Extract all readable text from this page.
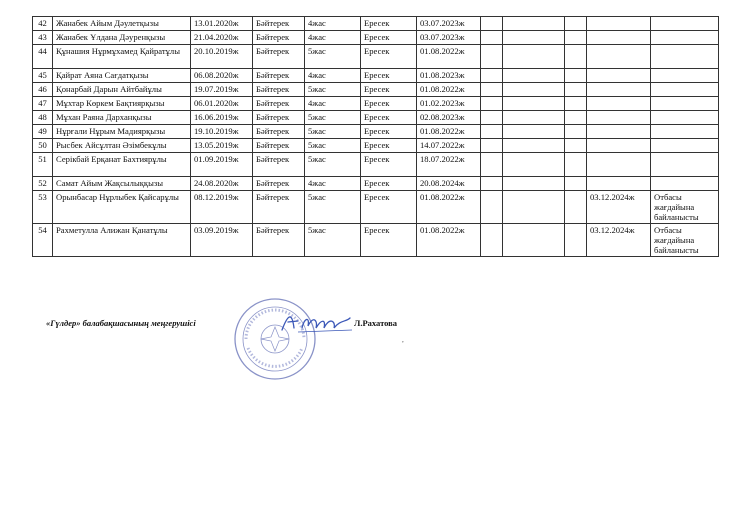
42	Жанабек Айым Дәулетқызы	13.01.2020ж	Бәйтерек	4жас	Ересек	03.07.2023ж					
43	Жанабек Ұлдана Дәуренқызы	21.04.2020ж	Бәйтерек	4жас	Ересек	03.07.2023ж					
44	Құнашия Нұрмұхамед Қайратұлы	20.10.2019ж	Бәйтерек	5жас	Ересек	01.08.2022ж					
45	Қайрат Аяна Сағдатқызы	06.08.2020ж	Бәйтерек	4жас	Ересек	01.08.2023ж					
46	Қонарбай Дарын Айтбайұлы	19.07.2019ж	Бәйтерек	5жас	Ересек	01.08.2022ж					
47	Мұхтар Көркем Бақтиярқызы	06.01.2020ж	Бәйтерек	4жас	Ересек	01.02.2023ж					
48	Мұхан Раяна Дарханқызы	16.06.2019ж	Бәйтерек	5жас	Ересек	02.08.2023ж					
49	Нұрғали Нұрым Мадиярқызы	19.10.2019ж	Бәйтерек	5жас	Ересек	01.08.2022ж					
50	Рысбек Айсұлтан Әзімбекұлы	13.05.2019ж	Бәйтерек	5жас	Ересек	14.07.2022ж					
51	Серікбай Ерқанат Бахтиярұлы	01.09.2019ж	Бәйтерек	5жас	Ересек	18.07.2022ж					
52	Самат Айым Жақсылыққызы	24.08.2020ж	Бәйтерек	4жас	Ересек	20.08.2024ж					
53	Орынбасар Нұрлыбек Қайсарұлы	08.12.2019ж	Бәйтерек	5жас	Ересек	01.08.2022ж				03.12.2024ж	Отбасы жағдайына байланысты
54	Рахметулла Алижан Қанатұлы	03.09.2019ж	Бәйтерек	5жас	Ересек	01.08.2022ж				03.12.2024ж	Отбасы жағдайына байланысты
«Гүлдер» балабақшасының меңгерушісі	Л.Рахатова
,
